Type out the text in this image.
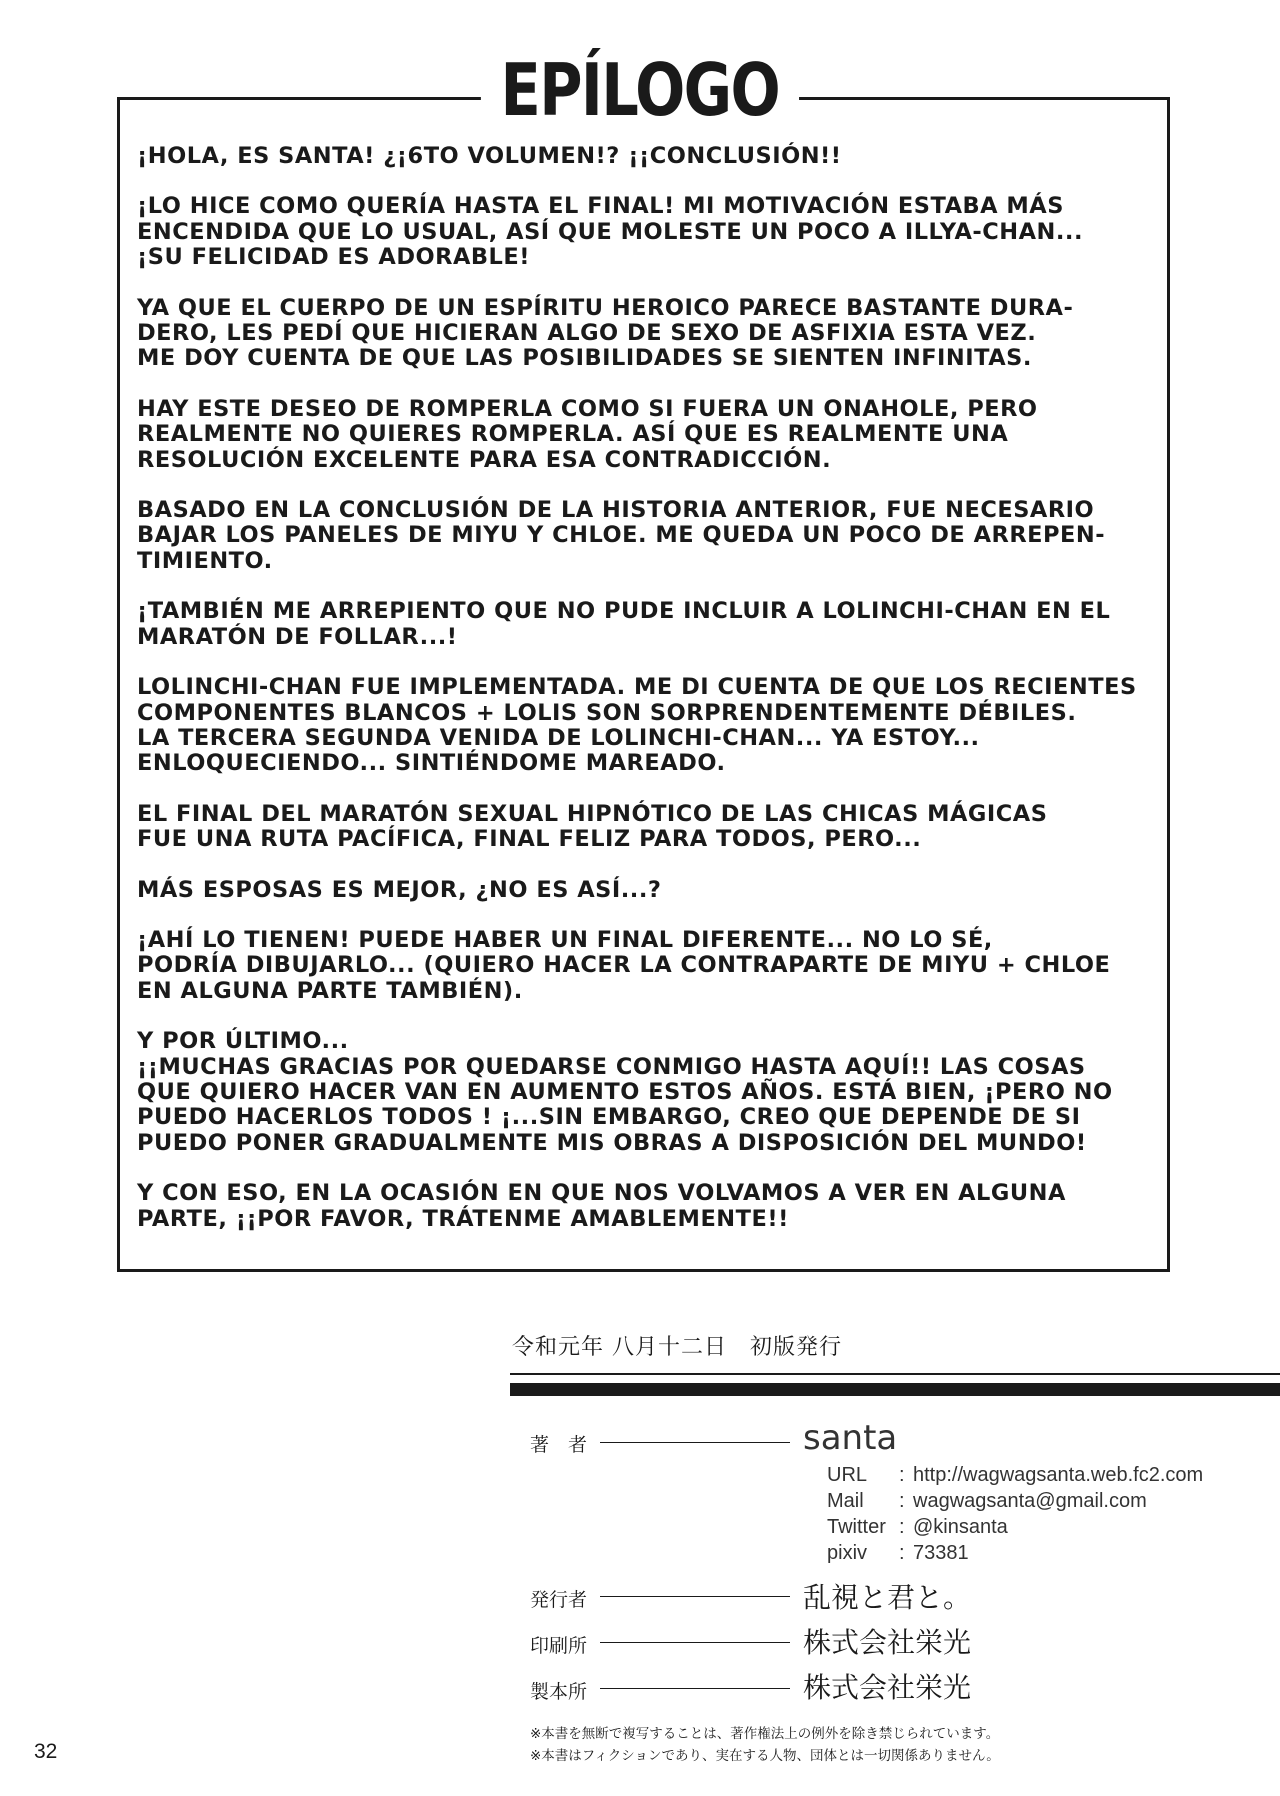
EPÍLOGO

¡HOLA, ES SANTA! ¿¡6TO VOLUMEN!? ¡¡CONCLUSIÓN!!

¡LO HICE COMO QUERÍA HASTA EL FINAL! MI MOTIVACIÓN ESTABA MÁS
ENCENDIDA QUE LO USUAL, ASÍ QUE MOLESTE UN POCO A ILLYA-CHAN...
¡SU FELICIDAD ES ADORABLE!

YA QUE EL CUERPO DE UN ESPÍRITU HEROICO PARECE BASTANTE DURA-
DERO, LES PEDÍ QUE HICIERAN ALGO DE SEXO DE ASFIXIA ESTA VEZ.
ME DOY CUENTA DE QUE LAS POSIBILIDADES SE SIENTEN INFINITAS.

HAY ESTE DESEO DE ROMPERLA COMO SI FUERA UN ONAHOLE, PERO
REALMENTE NO QUIERES ROMPERLA. ASÍ QUE ES REALMENTE UNA
RESOLUCIÓN EXCELENTE PARA ESA CONTRADICCIÓN.

BASADO EN LA CONCLUSIÓN DE LA HISTORIA ANTERIOR, FUE NECESARIO
BAJAR LOS PANELES DE MIYU Y CHLOE. ME QUEDA UN POCO DE ARREPEN-
TIMIENTO.

¡TAMBIÉN ME ARREPIENTO QUE NO PUDE INCLUIR A LOLINCHI-CHAN EN EL
MARATÓN DE FOLLAR...!

LOLINCHI-CHAN FUE IMPLEMENTADA. ME DI CUENTA DE QUE LOS RECIENTES
COMPONENTES BLANCOS + LOLIS SON SORPRENDENTEMENTE DÉBILES.
LA TERCERA SEGUNDA VENIDA DE LOLINCHI-CHAN... YA ESTOY...
ENLOQUECIENDO... SINTIÉNDOME MAREADO.

EL FINAL DEL MARATÓN SEXUAL HIPNÓTICO DE LAS CHICAS MÁGICAS
FUE UNA RUTA PACÍFICA, FINAL FELIZ PARA TODOS, PERO...

MÁS ESPOSAS ES MEJOR, ¿NO ES ASÍ...?

¡AHÍ LO TIENEN! PUEDE HABER UN FINAL DIFERENTE... NO LO SÉ,
PODRÍA DIBUJARLO... (QUIERO HACER LA CONTRAPARTE DE MIYU + CHLOE
EN ALGUNA PARTE TAMBIÉN).

Y POR ÚLTIMO...
¡¡MUCHAS GRACIAS POR QUEDARSE CONMIGO HASTA AQUÍ!! LAS COSAS
QUE QUIERO HACER VAN EN AUMENTO ESTOS AÑOS. ESTÁ BIEN, ¡PERO NO
PUEDO HACERLOS TODOS ! ¡...SIN EMBARGO, CREO QUE DEPENDE DE SI
PUEDO PONER GRADUALMENTE MIS OBRAS A DISPOSICIÓN DEL MUNDO!

Y CON ESO, EN LA OCASIÓN EN QUE NOS VOLVAMOS A VER EN ALGUNA
PARTE, ¡¡POR FAVOR, TRÁTENME AMABLEMENTE!!

令和元年 八月十二日　初版発行
著　者	santa
URL : http://wagwagsanta.web.fc2.com
Mail : wagwagsanta@gmail.com
Twitter : @kinsanta
pixiv : 73381
発行者	乱視と君と。
印刷所	株式会社栄光
製本所	株式会社栄光
※本書を無断で複写することは、著作権法上の例外を除き禁じられています。
※本書はフィクションであり、実在する人物、団体とは一切関係ありません。
32
